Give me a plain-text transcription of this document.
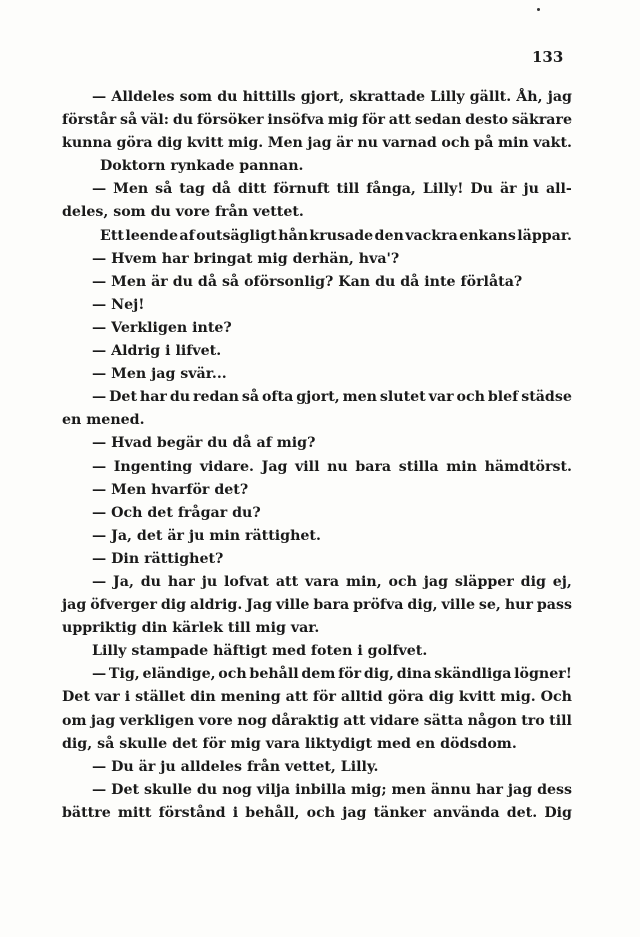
133
— Alldeles som du hittills gjort, skrattade Lilly gällt. Åh, jag
förstår så väl: du försöker insöfva mig för att sedan desto säkrare
kunna göra dig kvitt mig. Men jag är nu varnad och på min vakt.
Doktorn rynkade pannan.
— Men så tag då ditt förnuft till fånga, Lilly! Du är ju all-
deles, som du vore från vettet.
Ett leende af outsägligt hån krusade den vackra enkans läppar.
— Hvem har bringat mig derhän, hva'?
— Men är du då så oförsonlig? Kan du då inte förlåta?
— Nej!
— Verkligen inte?
— Aldrig i lifvet.
— Men jag svär...
— Det har du redan så ofta gjort, men slutet var och blef städse
en mened.
— Hvad begär du då af mig?
— Ingenting vidare. Jag vill nu bara stilla min hämdtörst.
— Men hvarför det?
— Och det frågar du?
— Ja, det är ju min rättighet.
— Din rättighet?
— Ja, du har ju lofvat att vara min, och jag släpper dig ej,
jag öfverger dig aldrig. Jag ville bara pröfva dig, ville se, hur pass
uppriktig din kärlek till mig var.
Lilly stampade häftigt med foten i golfvet.
— Tig, eländige, och behåll dem för dig, dina skändliga lögner!
Det var i stället din mening att för alltid göra dig kvitt mig. Och
om jag verkligen vore nog dåraktig att vidare sätta någon tro till
dig, så skulle det för mig vara liktydigt med en dödsdom.
— Du är ju alldeles från vettet, Lilly.
— Det skulle du nog vilja inbilla mig; men ännu har jag dess
bättre mitt förstånd i behåll, och jag tänker använda det. Dig
